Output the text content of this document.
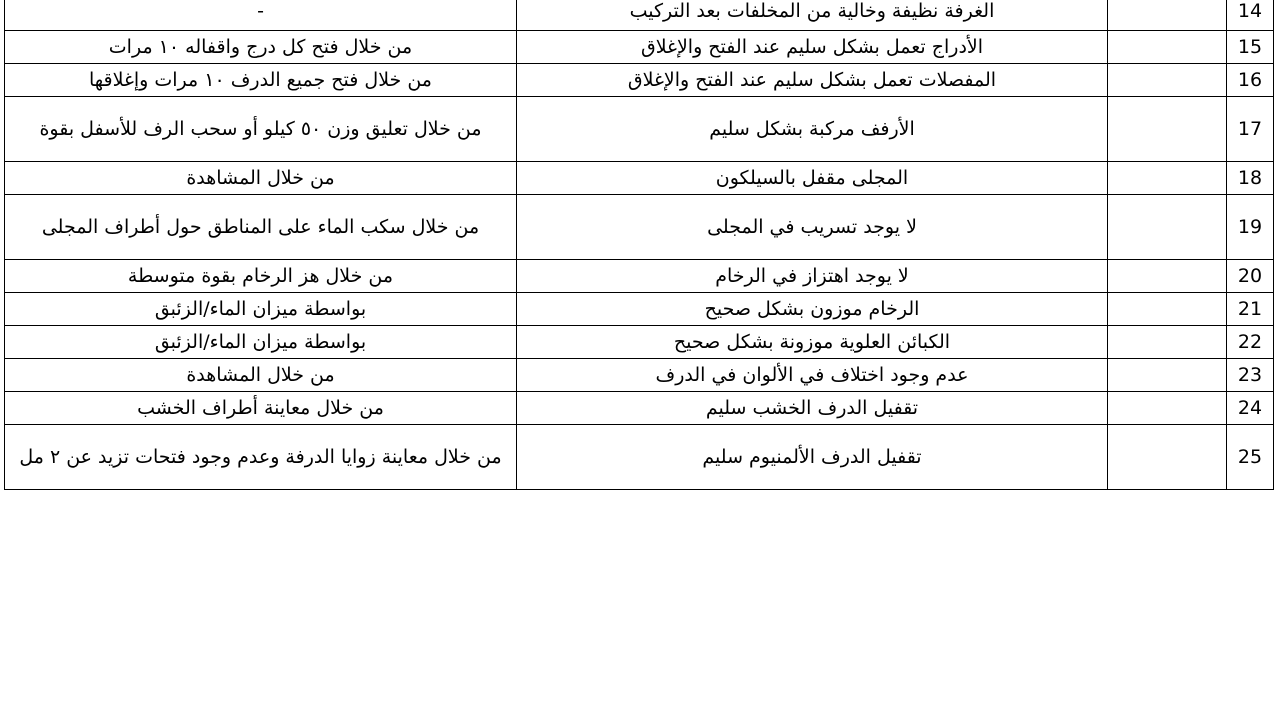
-	الغرفة نظيفة وخالية من المخلفات بعد التركيب		14
من خلال فتح كل درج واقفاله ١٠ مرات	الأدراج تعمل بشكل سليم عند الفتح والإغلاق		15
من خلال فتح جميع الدرف ١٠ مرات وإغلاقها	المفصلات تعمل بشكل سليم عند الفتح والإغلاق		16
من خلال تعليق وزن ٥٠ كيلو أو سحب الرف للأسفل بقوة	الأرفف مركبة بشكل سليم		17
من خلال المشاهدة	المجلى مقفل بالسيلكون		18
من خلال سكب الماء على المناطق حول أطراف المجلى	لا يوجد تسريب في المجلى		19
من خلال هز الرخام بقوة متوسطة	لا يوجد اهتزاز في الرخام		20
بواسطة ميزان الماء/الزئبق	الرخام موزون بشكل صحيح		21
بواسطة ميزان الماء/الزئبق	الكبائن العلوية موزونة بشكل صحيح		22
من خلال المشاهدة	عدم وجود اختلاف في الألوان في الدرف		23
من خلال معاينة أطراف الخشب	تقفيل الدرف الخشب سليم		24
من خلال معاينة زوايا الدرفة وعدم وجود فتحات تزيد عن ٢ مل	تقفيل الدرف الألمنيوم سليم		25
